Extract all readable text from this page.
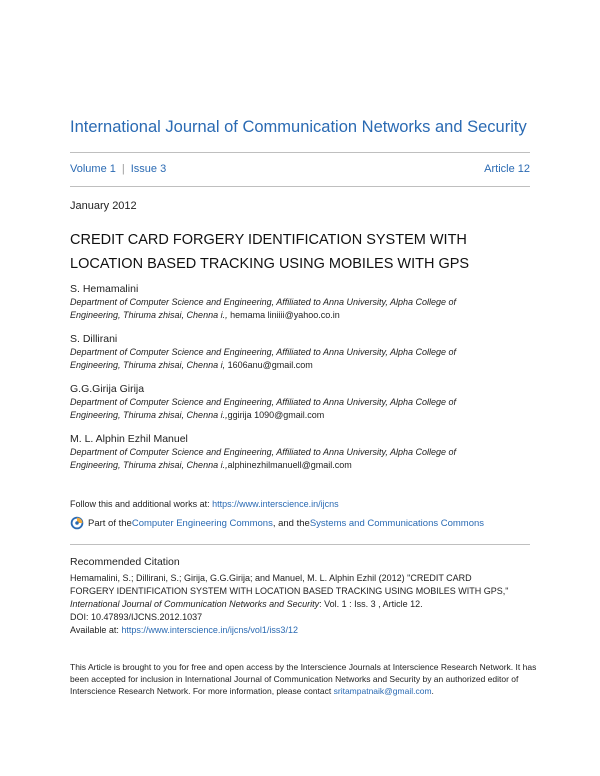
International Journal of Communication Networks and Security
Volume 1 | Issue 3	Article 12
January 2012
CREDIT CARD FORGERY IDENTIFICATION SYSTEM WITH
LOCATION BASED TRACKING USING MOBILES WITH GPS
S. Hemamalini
Department of Computer Science and Engineering, Affiliated to Anna University, Alpha College of
Engineering, Thiruma zhisai, Chenna i., hemama liniiii@yahoo.co.in
S. Dillirani
Department of Computer Science and Engineering, Affiliated to Anna University, Alpha College of
Engineering, Thiruma zhisai, Chenna i, 1606anu@gmail.com
G.G.Girija Girija
Department of Computer Science and Engineering, Affiliated to Anna University, Alpha College of
Engineering, Thiruma zhisai, Chenna i.,ggirija 1090@gmail.com
M. L. Alphin Ezhil Manuel
Department of Computer Science and Engineering, Affiliated to Anna University, Alpha College of
Engineering, Thiruma zhisai, Chenna i.,alphinezhilmanuell@gmail.com
Follow this and additional works at: https://www.interscience.in/ijcns
Part of the Computer Engineering Commons , and the Systems and Communications Commons
Recommended Citation
Hemamalini, S.; Dillirani, S.; Girija, G.G.Girija; and Manuel, M. L. Alphin Ezhil (2012) "CREDIT CARD
FORGERY IDENTIFICATION SYSTEM WITH LOCATION BASED TRACKING USING MOBILES WITH GPS,"
International Journal of Communication Networks and Security: Vol. 1 : Iss. 3 , Article 12.
DOI: 10.47893/IJCNS.2012.1037
Available at: https://www.interscience.in/ijcns/vol1/iss3/12
This Article is brought to you for free and open access by the Interscience Journals at Interscience Research Network. It has been accepted for inclusion in International Journal of Communication Networks and Security by an authorized editor of Interscience Research Network. For more information, please contact sritampatnaik@gmail.com.
